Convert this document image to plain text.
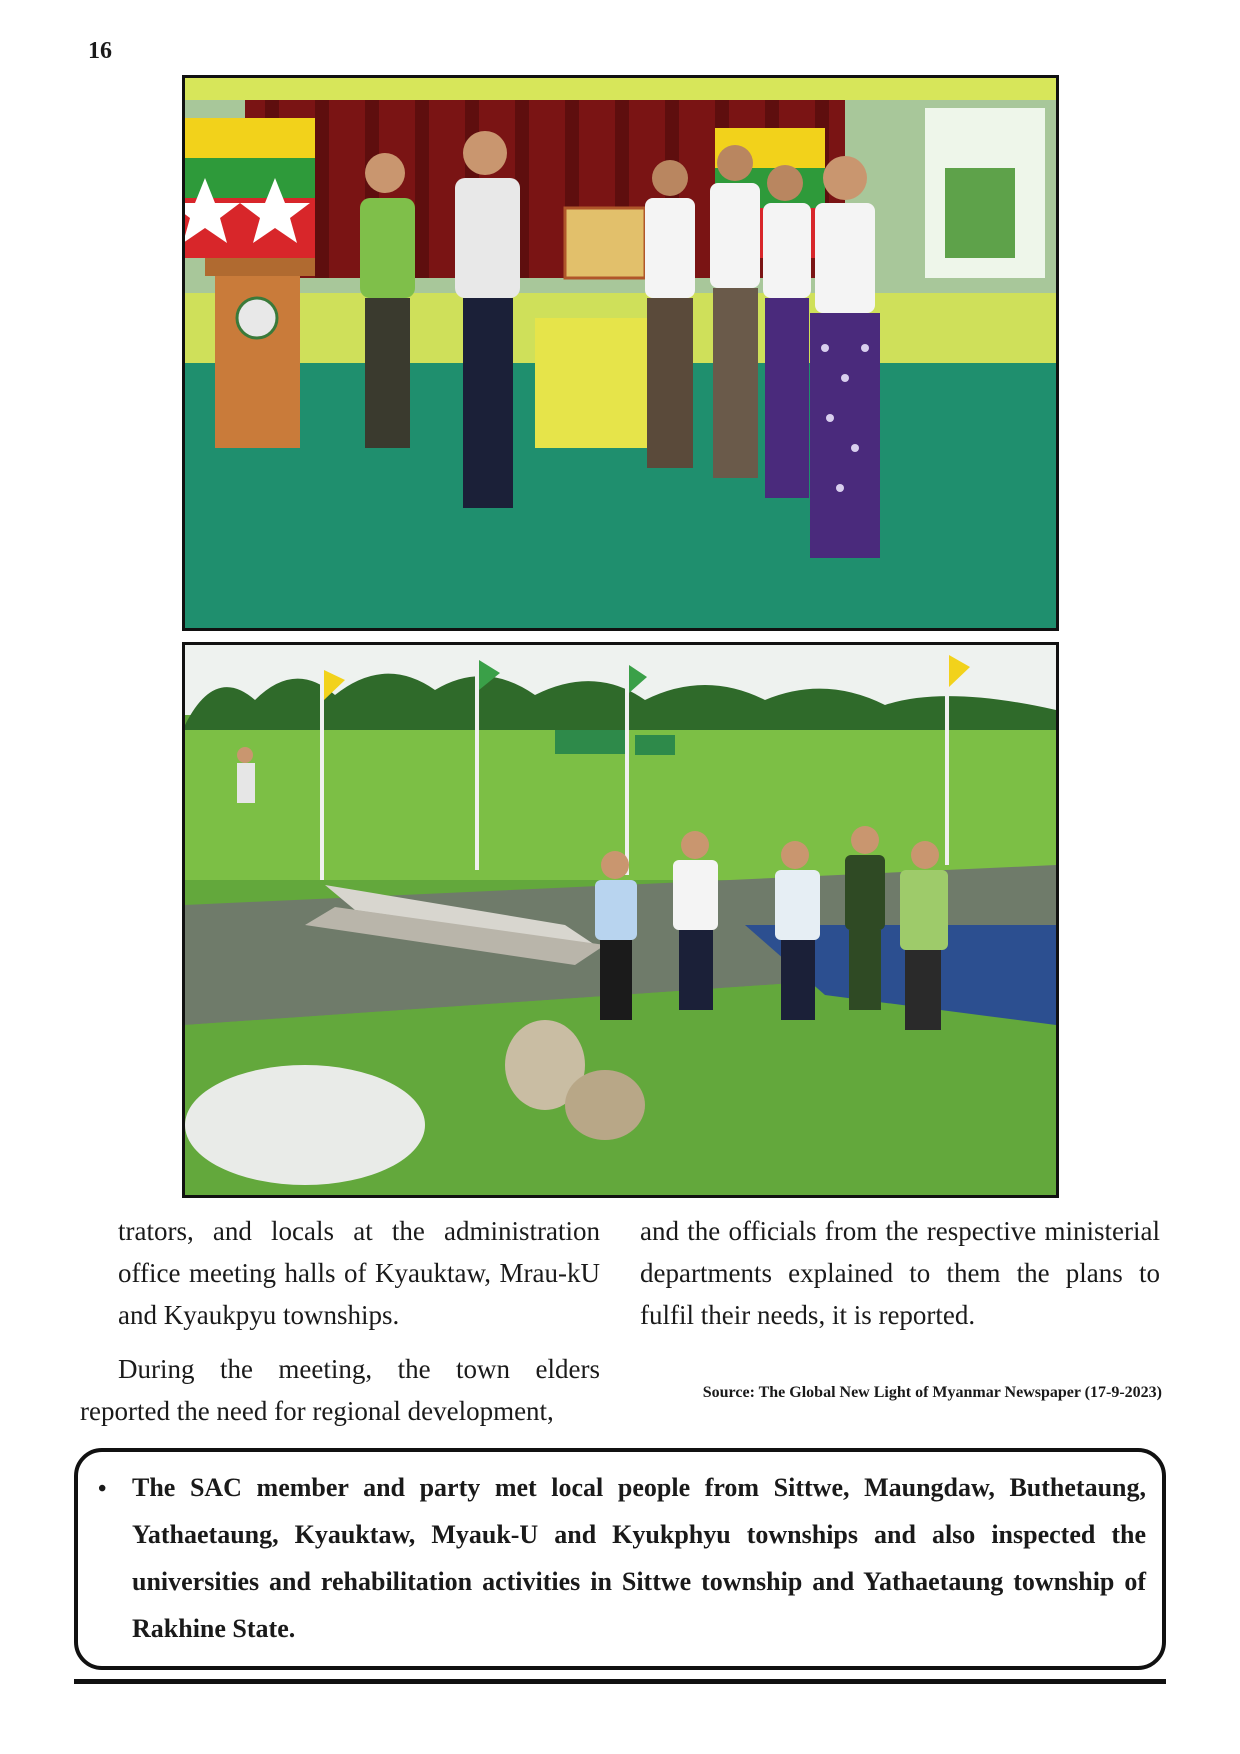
16

trators, and locals at the administration office meeting halls of Kyauktaw, Mrau-kU and Kyaukpyu townships.

During the meeting, the town elders reported the need for regional development,

and the officials from the respective ministerial departments explained to them the plans to fulfil their needs, it is reported.

Source: The Global New Light of Myanmar Newspaper (17-9-2023)
• The SAC member and party met local people from Sittwe, Maungdaw, Buthetaung, Yathaetaung, Kyauktaw, Myauk-U and Kyukphyu townships and also inspected the universities and rehabilitation activities in Sittwe township and Yathaetaung township of Rakhine State.
